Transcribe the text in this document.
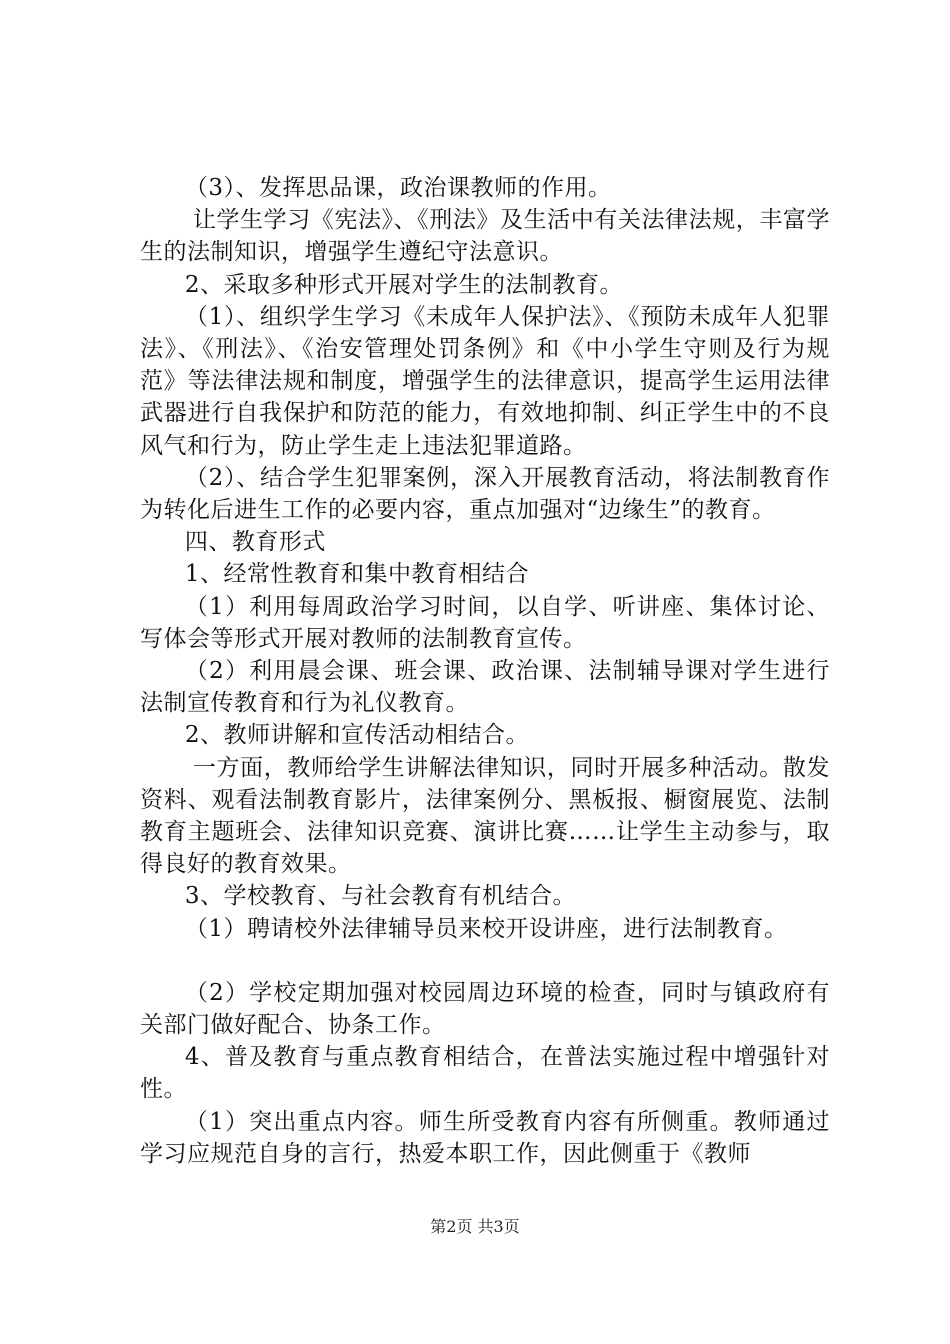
（3）、发挥思品课，政治课教师的作用。

让学生学习《宪法》、《刑法》及生活中有关法律法规，丰富学生的法制知识，增强学生遵纪守法意识。

2、采取多种形式开展对学生的法制教育。

（1）、组织学生学习《未成年人保护法》、《预防未成年人犯罪法》、《刑法》、《治安管理处罚条例》和《中小学生守则及行为规范》等法律法规和制度，增强学生的法律意识，提高学生运用法律武器进行自我保护和防范的能力，有效地抑制、纠正学生中的不良风气和行为，防止学生走上违法犯罪道路。

（2）、结合学生犯罪案例，深入开展教育活动，将法制教育作为转化后进生工作的必要内容，重点加强对“边缘生”的教育。

四、教育形式

1、经常性教育和集中教育相结合

（1）利用每周政治学习时间，以自学、听讲座、集体讨论、写体会等形式开展对教师的法制教育宣传。

（2）利用晨会课、班会课、政治课、法制辅导课对学生进行法制宣传教育和行为礼仪教育。

2、教师讲解和宣传活动相结合。

一方面，教师给学生讲解法律知识，同时开展多种活动。散发资料、观看法制教育影片，法律案例分、黑板报、橱窗展览、法制教育主题班会、法律知识竞赛、演讲比赛……让学生主动参与，取得良好的教育效果。

3、学校教育、与社会教育有机结合。

（1）聘请校外法律辅导员来校开设讲座，进行法制教育。

（2）学校定期加强对校园周边环境的检查，同时与镇政府有关部门做好配合、协条工作。

4、普及教育与重点教育相结合，在普法实施过程中增强针对性。

（1）突出重点内容。师生所受教育内容有所侧重。教师通过学习应规范自身的言行，热爱本职工作，因此侧重于《教师

第2页 共3页
